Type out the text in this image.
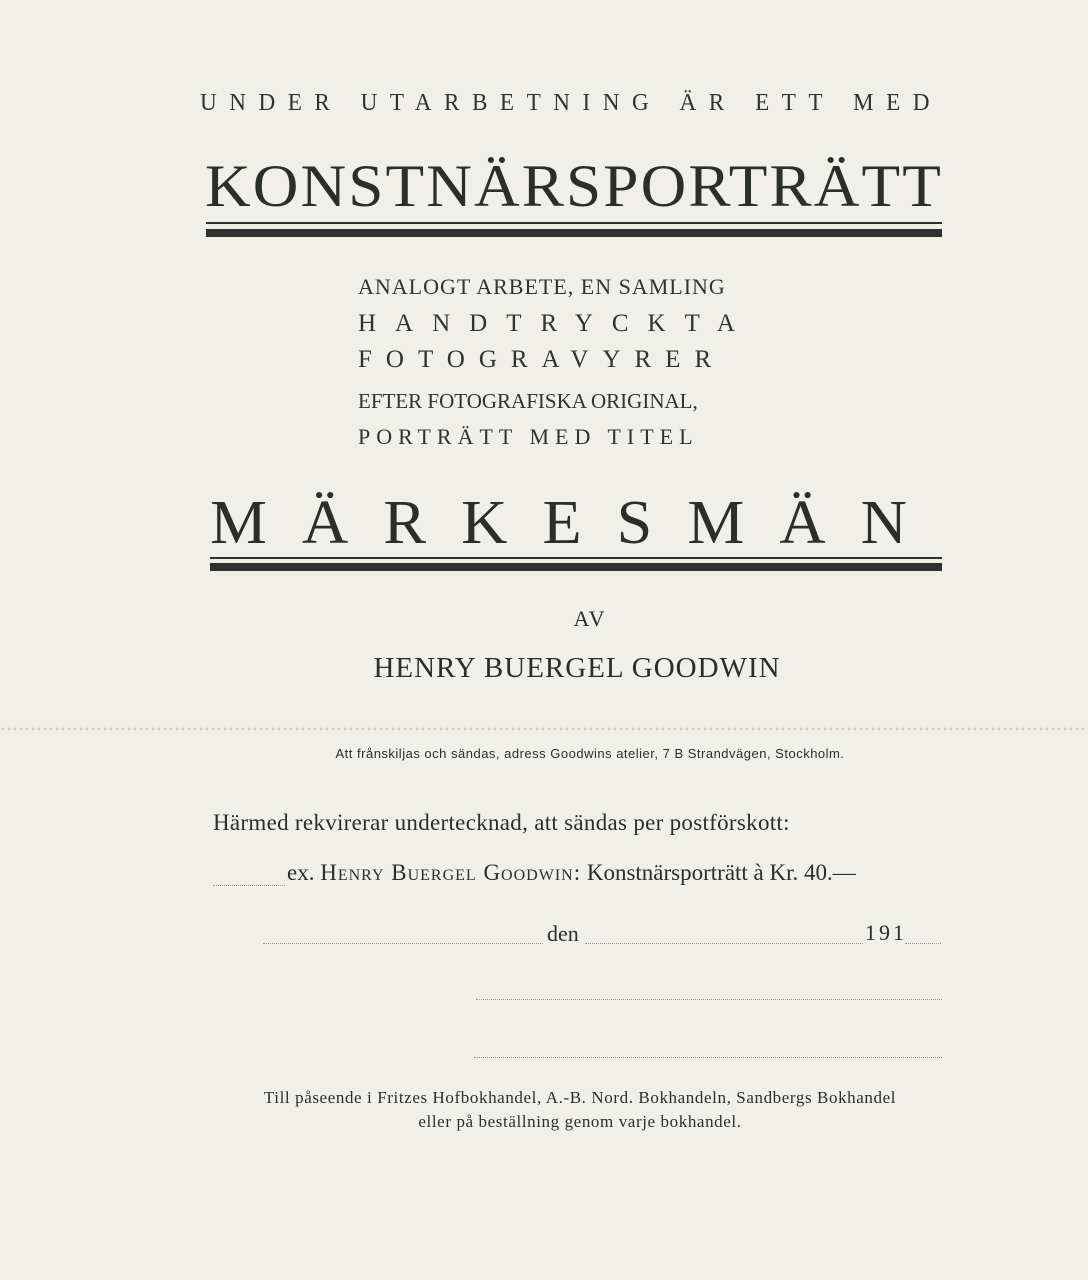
UNDER UTARBETNING ÄR ETT MED
KONSTNÄRSPORTRÄTT
ANALOGT ARBETE, EN SAMLING
HANDTRYCKTA
FOTOGRAVYRER
EFTER FOTOGRAFISKA ORIGINAL,
PORTRÄTT MED TITEL
MÄRKESMÄN
AV
HENRY BUERGEL GOODWIN
Att frånskiljas och sändas, adress Goodwins atelier, 7 B Strandvägen, Stockholm.
Härmed rekvirerar undertecknad, att sändas per postförskott:
ex. Henry Buergel Goodwin: Konstnärsporträtt à Kr. 40.—
den	191
Till påseende i Fritzes Hofbokhandel, A.-B. Nord. Bokhandeln, Sandbergs Bokhandel
eller på beställning genom varje bokhandel.
